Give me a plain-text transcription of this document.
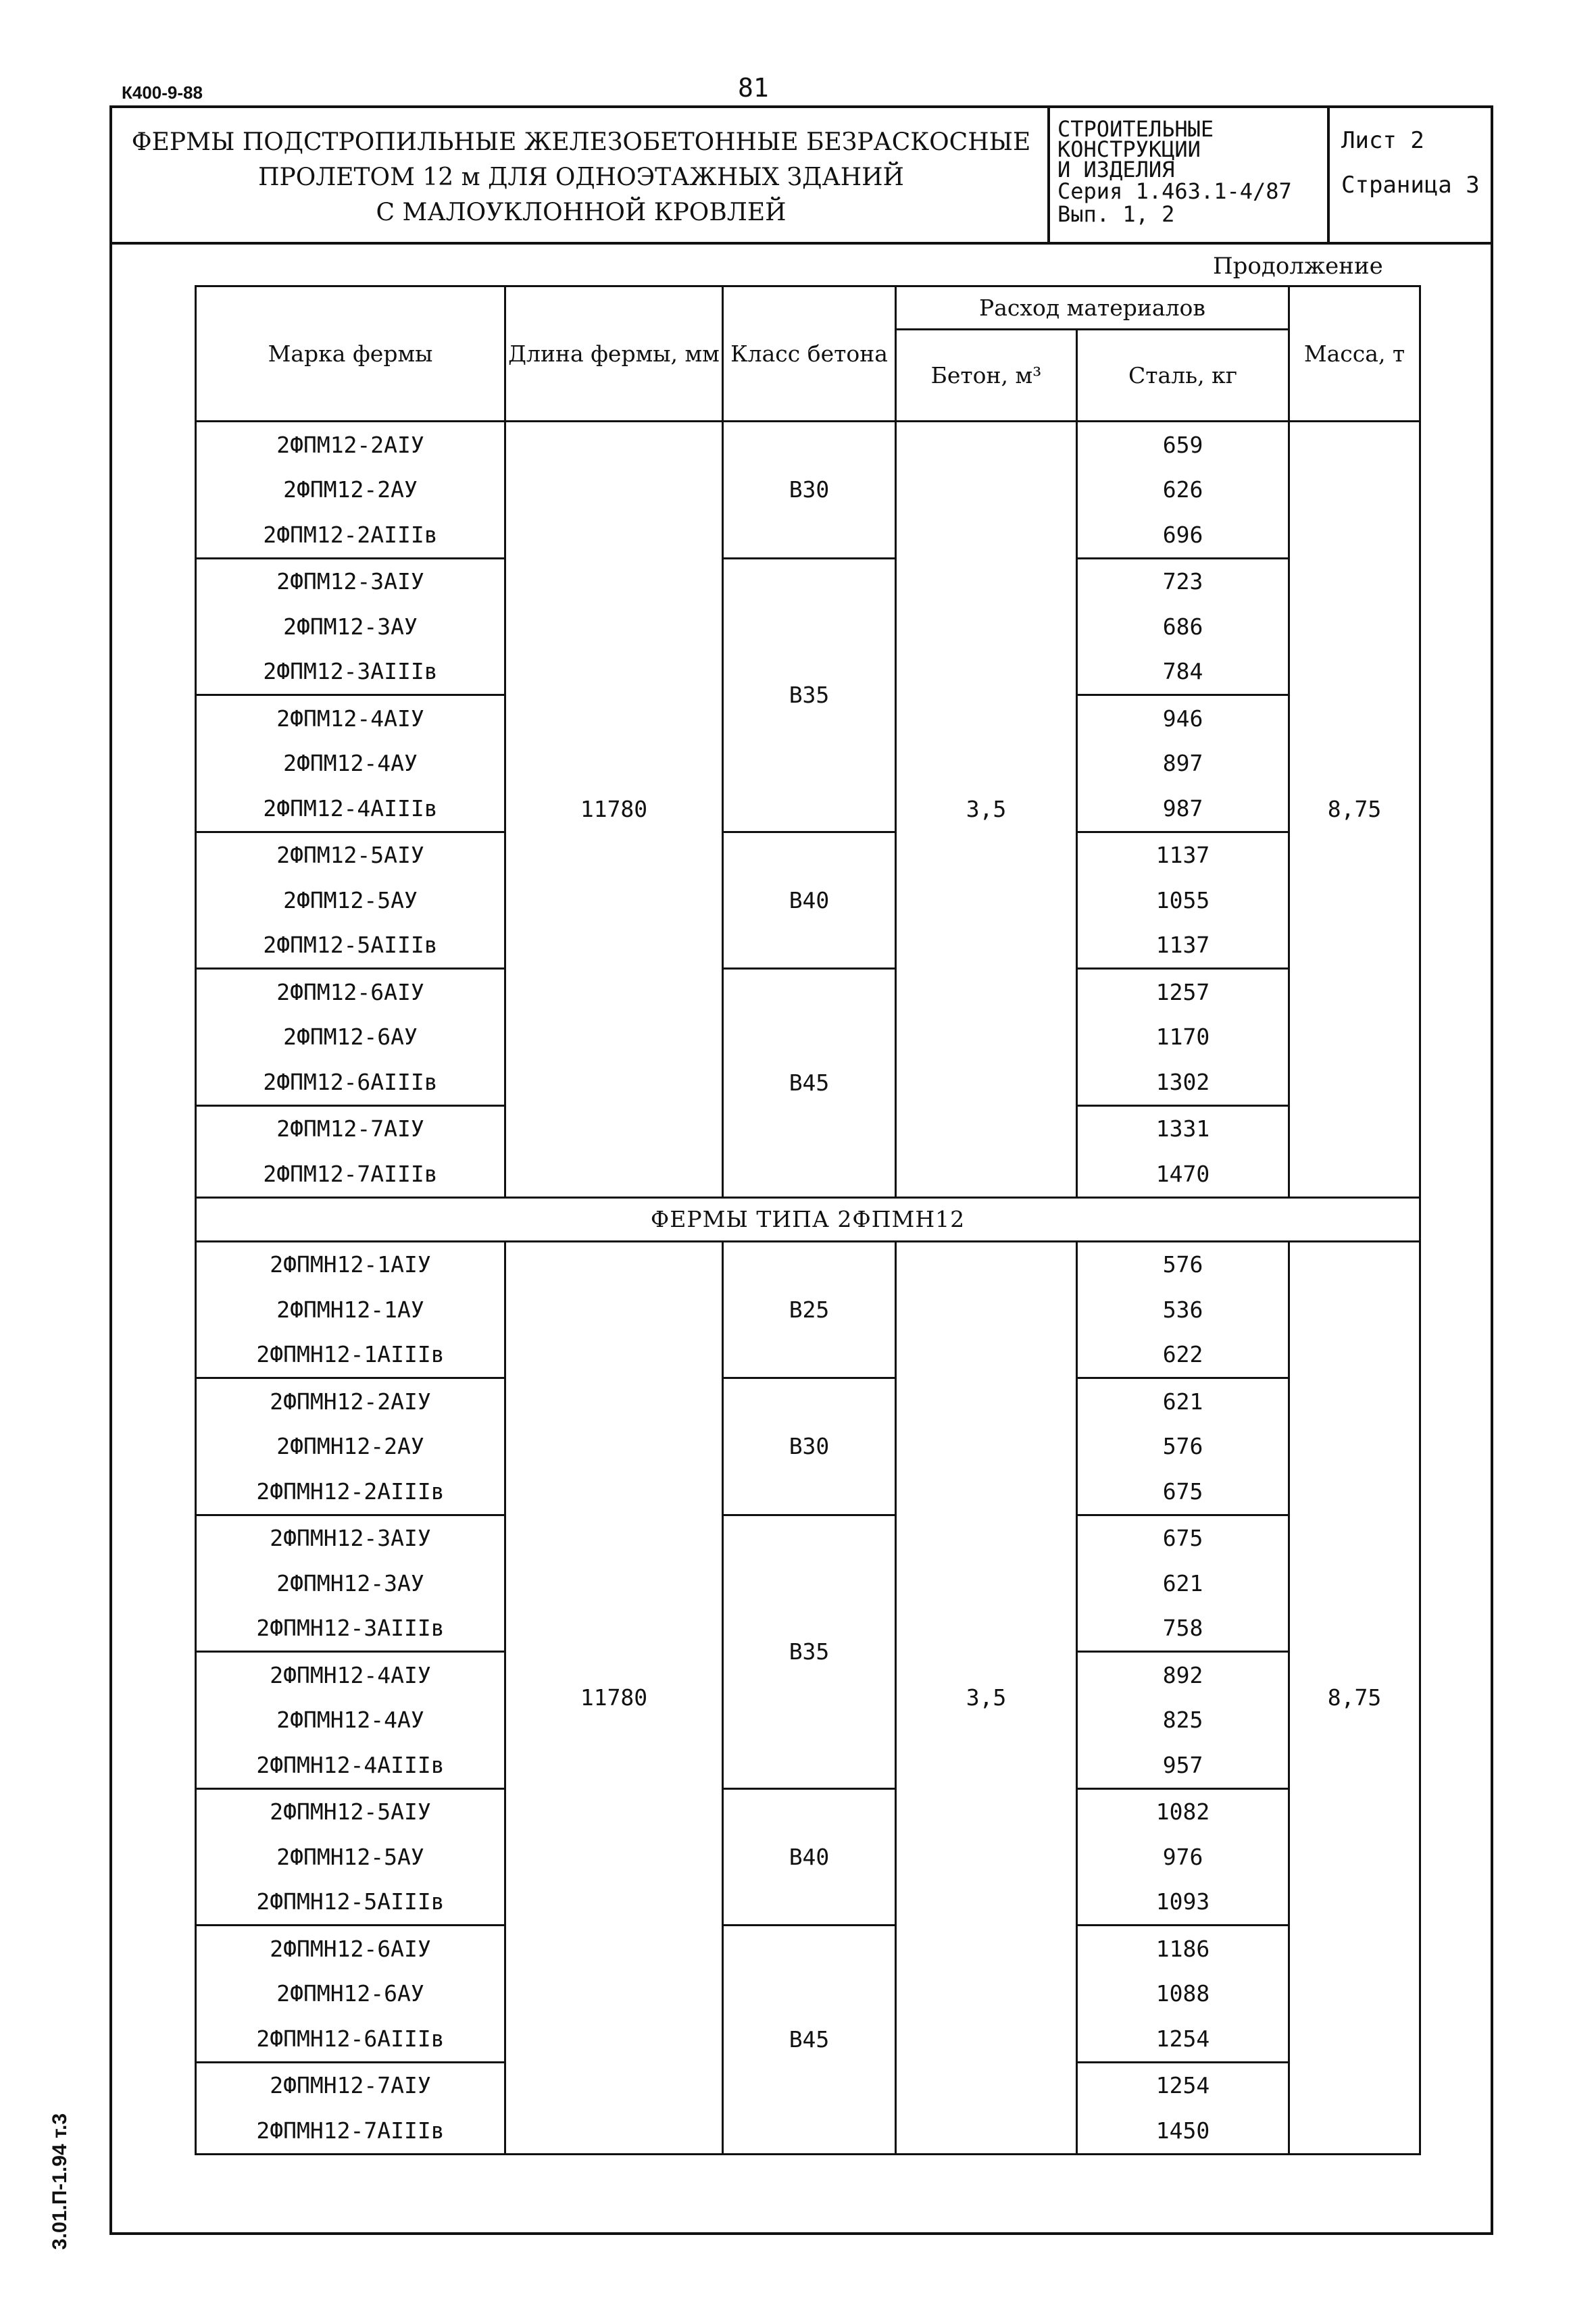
К400-9-88	81
ФЕРМЫ ПОДСТРОПИЛЬНЫЕ ЖЕЛЕЗОБЕТОННЫЕ БЕЗРАСКОСНЫЕ
ПРОЛЕТОМ 12 м ДЛЯ ОДНОЭТАЖНЫХ ЗДАНИЙ
С МАЛОУКЛОННОЙ КРОВЛЕЙ
СТРОИТЕЛЬНЫЕ
КОНСТРУКЦИИ
И ИЗДЕЛИЯ
Серия 1.463.1-4/87
Вып. 1, 2
Лист 2
Страница 3
Продолжение
3.01.П-1.94 т.3
Марка фермы	Длина фермы, мм	Класс бетона	Расход материалов		Масса, т
			Бетон, м³	Сталь, кг	
2ФПМ12-2АIУ	11780	В30	3,5	659	8,75
2ФПМ12-2АУ				626	
2ФПМ12-2АIIIв				696	
2ФПМ12-3АIУ		В35		723	
2ФПМ12-3АУ				686	
2ФПМ12-3АIIIв				784	
2ФПМ12-4АIУ				946	
2ФПМ12-4АУ				897	
2ФПМ12-4АIIIв				987	
2ФПМ12-5АIУ		В40		1137	
2ФПМ12-5АУ				1055	
2ФПМ12-5АIIIв				1137	
2ФПМ12-6АIУ		В45		1257	
2ФПМ12-6АУ				1170	
2ФПМ12-6АIIIв				1302	
2ФПМ12-7АIУ				1331	
2ФПМ12-7АIIIв				1470	
ФЕРМЫ ТИПА 2ФПМН12					
2ФПМН12-1АIУ	11780	В25	3,5	576	8,75
2ФПМН12-1АУ				536	
2ФПМН12-1АIIIв				622	
2ФПМН12-2АIУ		В30		621	
2ФПМН12-2АУ				576	
2ФПМН12-2АIIIв				675	
2ФПМН12-3АIУ		В35		675	
2ФПМН12-3АУ				621	
2ФПМН12-3АIIIв				758	
2ФПМН12-4АIУ				892	
2ФПМН12-4АУ				825	
2ФПМН12-4АIIIв				957	
2ФПМН12-5АIУ		В40		1082	
2ФПМН12-5АУ				976	
2ФПМН12-5АIIIв				1093	
2ФПМН12-6АIУ		В45		1186	
2ФПМН12-6АУ				1088	
2ФПМН12-6АIIIв				1254	
2ФПМН12-7АIУ				1254	
2ФПМН12-7АIIIв				1450	
